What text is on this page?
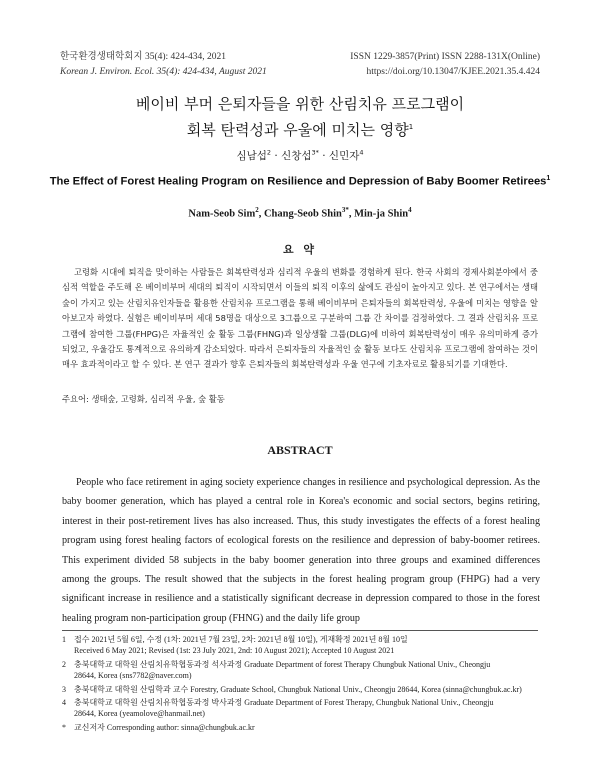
한국환경생태학회지 35(4): 424-434, 2021
Korean J. Environ. Ecol. 35(4): 424-434, August 2021
ISSN 1229-3857(Print) ISSN 2288-131X(Online)
https://doi.org/10.13047/KJEE.2021.35.4.424
베이비 부머 은퇴자들을 위한 산림치유 프로그램이
회복 탄력성과 우울에 미치는 영향$^1$
심남섭$^2$ · 신창섭$^{3*}$ · 신민자$^4$
The Effect of Forest Healing Program on Resilience and Depression of Baby Boomer Retirees$^1$
Nam-Seob Sim$^2$, Chang-Seob Shin$^{3*}$, Min-ja Shin$^4$
요 약
고령화 시대에 퇴직을 맞이하는 사람들은 회복탄력성과 심리적 우울의 변화를 경험하게 된다. 한국 사회의 경제사회분야에서 중심적 역할을 주도해 온 베이비부머 세대의 퇴직이 시작되면서 이들의 퇴직 이후의 삶에도 관심이 높아지고 있다. 본 연구에서는 생태숲이 가지고 있는 산림치유인자들을 활용한 산림치유 프로그램을 통해 베이비부머 은퇴자들의 회복탄력성, 우울에 미치는 영향을 알아보고자 하였다. 실험은 베이비부머 세대 58명을 대상으로 3그룹으로 구분하여 그룹 간 차이를 검정하였다. 그 결과 산림치유 프로그램에 참여한 그룹(FHPG)은 자율적인 숲 활동 그룹(FHNG)과 일상생활 그룹(DLG)에 비하여 회복탄력성이 매우 유의미하게 증가되었고, 우울감도 통계적으로 유의하게 감소되었다. 따라서 은퇴자들의 자율적인 숲 활동 보다도 산림치유 프로그램에 참여하는 것이 매우 효과적이라고 할 수 있다. 본 연구 결과가 향후 은퇴자들의 회복탄력성과 우울 연구에 기초자료로 활용되기를 기대한다.
주요어: 생태숲, 고령화, 심리적 우울, 숲 활동
ABSTRACT
People who face retirement in aging society experience changes in resilience and psychological depression. As the baby boomer generation, which has played a central role in Korea's economic and social sectors, begins retiring, interest in their post-retirement lives has also increased. Thus, this study investigates the effects of a forest healing program using forest healing factors of ecological forests on the resilience and depression of baby-boomer retirees. This experiment divided 58 subjects in the baby boomer generation into three groups and examined differences among the groups. The result showed that the subjects in the forest healing program group (FHPG) had a very significant increase in resilience and a statistically significant decrease in depression compared to those in the forest healing program non-participation group (FHNG) and the daily life group
1 접수 2021년 5월 6일, 수정 (1차: 2021년 7월 23일, 2차: 2021년 8월 10일), 게재확정 2021년 8월 10일
Received 6 May 2021; Revised (1st: 23 July 2021, 2nd: 10 August 2021); Accepted 10 August 2021
2 충북대학교 대학원 산림치유학협동과정 석사과정 Graduate Department of forest Therapy Chungbuk National Univ., Cheongju
28644, Korea (sns7782@naver.com)
3 충북대학교 대학원 산림학과 교수 Forestry, Graduate School, Chungbuk National Univ., Cheongju 28644, Korea (sinna@chungbuk.ac.kr)
4 충북대학교 대학원 산림치유학협동과정 박사과정 Graduate Department of Forest Therapy, Chungbuk National Univ., Cheongju
28644, Korea (yeamolove@hanmail.net)
* 교신저자 Corresponding author: sinna@chungbuk.ac.kr
